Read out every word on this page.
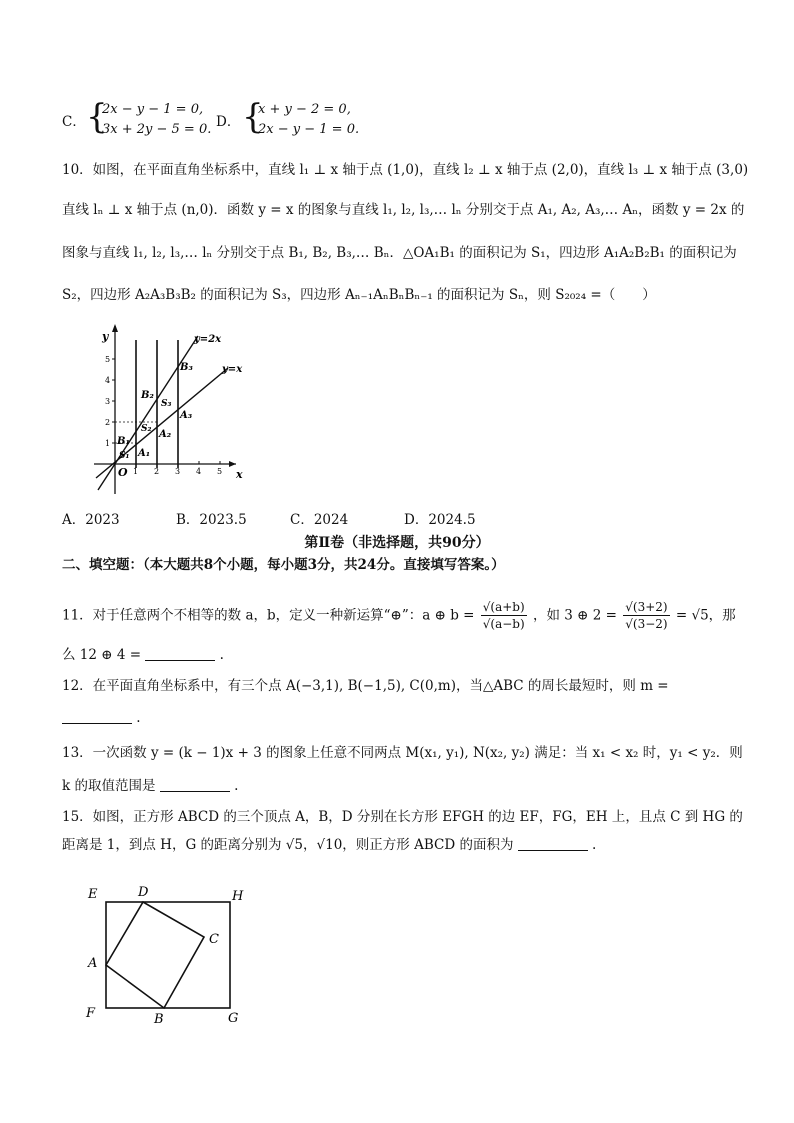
C． {
2x − y − 1 = 0,
3x + 2y − 5 = 0. D． {
x + y − 2 = 0,
2x − y − 1 = 0.
10．如图，在平面直角坐标系中，直线 l₁ ⊥ x 轴于点 (1,0)，直线 l₂ ⊥ x 轴于点 (2,0)，直线 l₃ ⊥ x 轴于点 (3,0)
直线 lₙ ⊥ x 轴于点 (n,0)．函数 y = x 的图象与直线 l₁, l₂, l₃,… lₙ 分别交于点 A₁, A₂, A₃,… Aₙ，函数 y = 2x 的
图象与直线 l₁, l₂, l₃,… lₙ 分别交于点 B₁, B₂, B₃,… Bₙ．△OA₁B₁ 的面积记为 S₁，四边形 A₁A₂B₂B₁ 的面积记为
S₂，四边形 A₂A₃B₃B₂ 的面积记为 S₃，四边形 Aₙ₋₁AₙBₙBₙ₋₁ 的面积记为 Sₙ，则 S₂₀₂₄ =（　　）
y
x
O
y=2x
y=x
1
2
3
4
5
1 2 3 4 5
B₁
B₂
B₃
A₁
A₂
A₃
S₁
S₂
S₃
A．2023	B．2023.5	C．2024	D．2024.5
第Ⅱ卷（非选择题，共90分）
二、填空题：（本大题共8个小题，每小题3分，共24分。直接填写答案。）
11．对于任意两个不相等的数 a，b，定义一种新运算“⊕”：a ⊕ $b = \frac{√(a+b)}{√(a-b)}$ ，如 3 ⊕ $2 = \frac{√(3+2)}{√(3-2)} = √5$，那
么 12 ⊕ 4 =	.
12．在平面直角坐标系中，有三个点 A(−3,1), B(−1,5), C(0,m)，当△ABC 的周长最短时，则 m =
.
13．一次函数 y = (k − 1)x + 3 的图象上任意不同两点 M(x₁, y₁), N(x₂, y₂) 满足：当 x₁ < x₂ 时，y₁ < y₂．则
k 的取值范围是	.
15．如图，正方形 ABCD 的三个顶点 A，B，D 分别在长方形 EFGH 的边 EF，FG，EH 上，且点 C 到 HG 的
距离是 1，到点 H，G 的距离分别为 √5，√10，则正方形 ABCD 的面积为	.
E	D	H
C
A
F	B	G
